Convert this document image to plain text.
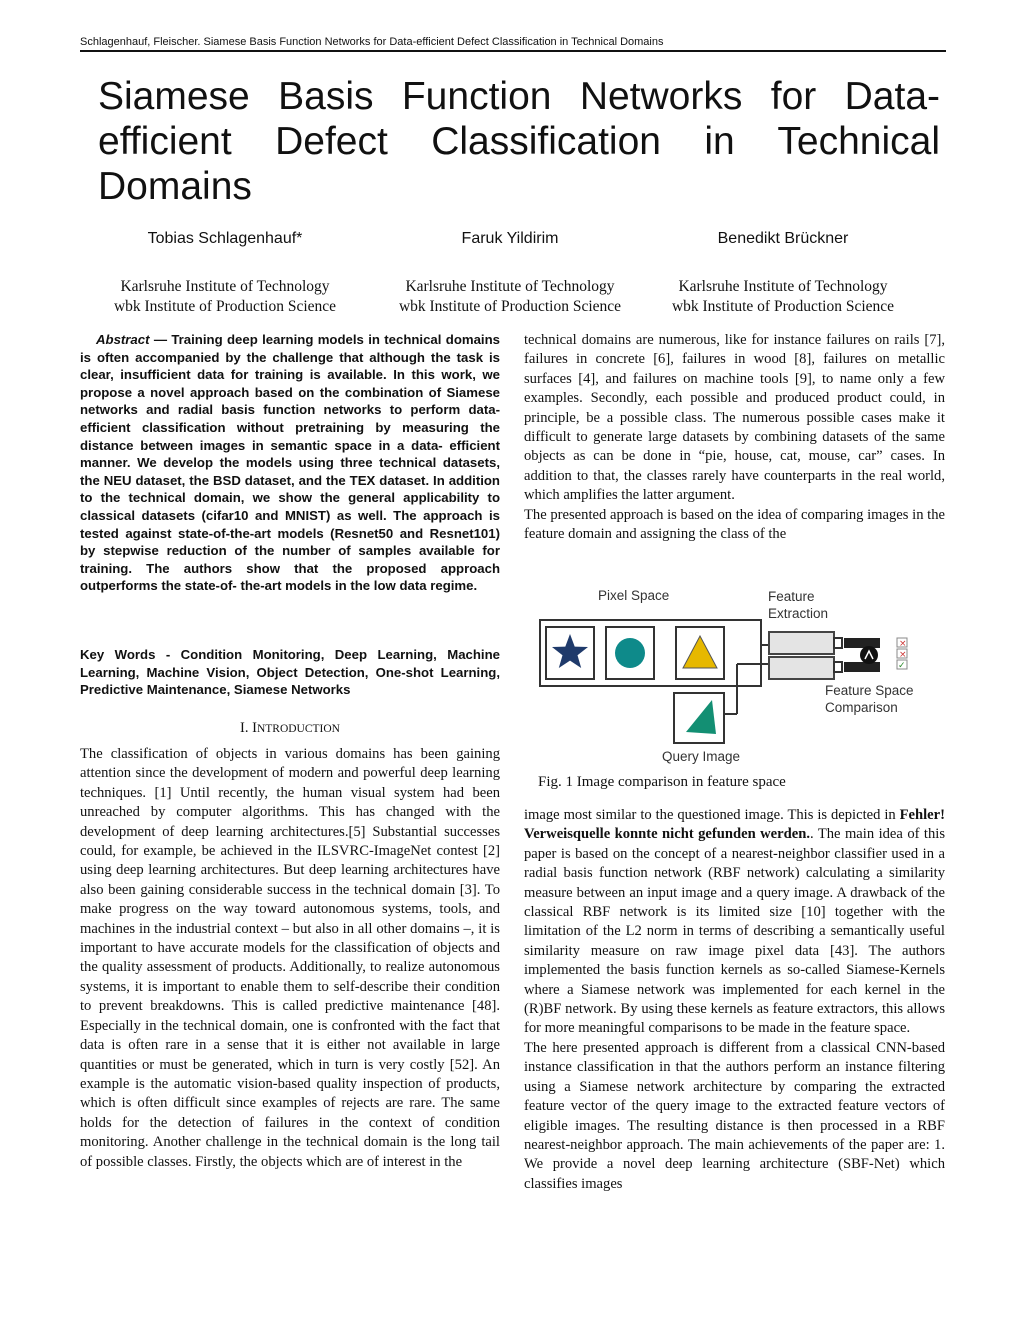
Schlagenhauf, Fleischer. Siamese Basis Function Networks for Data-efficient Defect Classification in Technical Domains
Siamese Basis Function Networks for Data-efficient Defect Classification in Technical Domains
Tobias Schlagenhauf*	Faruk Yildirim	Benedikt Brückner
Karlsruhe Institute of Technology
wbk Institute of Production Science
Karlsruhe Institute of Technology
wbk Institute of Production Science
Karlsruhe Institute of Technology
wbk Institute of Production Science

Abstract — Training deep learning models in technical domains is often accompanied by the challenge that although the task is clear, insufficient data for training is available. In this work, we propose a novel approach based on the combination of Siamese networks and radial basis function networks to perform data-efficient classification without pretraining by measuring the distance between images in semantic space in a data- efficient manner. We develop the models using three technical datasets, the NEU dataset, the BSD dataset, and the TEX dataset. In addition to the technical domain, we show the general applicability to classical datasets (cifar10 and MNIST) as well. The approach is tested against state-of-the-art models (Resnet50 and Resnet101) by stepwise reduction of the number of samples available for training. The authors show that the proposed approach outperforms the state-of- the-art models in the low data regime.

Key Words - Condition Monitoring, Deep Learning, Machine Learning, Machine Vision, Object Detection, One-shot Learning, Predictive Maintenance, Siamese Networks

I. INTRODUCTION

The classification of objects in various domains has been gaining attention since the development of modern and powerful deep learning techniques. [1] Until recently, the human visual system had been unreached by computer algorithms. This has changed with the development of deep learning architectures.[5] Substantial successes could, for example, be achieved in the ILSVRC-ImageNet contest [2] using deep learning architectures. But deep learning architectures have also been gaining considerable success in the technical domain [3]. To make progress on the way toward autonomous systems, tools, and machines in the industrial context – but also in all other domains –, it is important to have accurate models for the classification of objects and the quality assessment of products. Additionally, to realize autonomous systems, it is important to enable them to self-describe their condition to prevent breakdowns. This is called predictive maintenance [48]. Especially in the technical domain, one is confronted with the fact that data is often rare in a sense that it is either not available in large quantities or must be generated, which in turn is very costly [52]. An example is the automatic vision-based quality inspection of products, which is often difficult since examples of rejects are rare. The same holds for the detection of failures in the context of condition monitoring. Another challenge in the technical domain is the long tail of possible classes. Firstly, the objects which are of interest in the

technical domains are numerous, like for instance failures on rails [7], failures in concrete [6], failures in wood [8], failures on metallic surfaces [4], and failures on machine tools [9], to name only a few examples. Secondly, each possible and produced product could, in principle, be a possible class. The numerous possible cases make it difficult to generate large datasets by combining datasets of the same objects as can be done in “pie, house, cat, mouse, car” cases. In addition to that, the classes rarely have counterparts in the real world, which amplifies the latter argument.

The presented approach is based on the idea of comparing images in the feature domain and assigning the class of the

Pixel Space	Feature Extraction
Feature Space Comparison
Query Image
×
×
✓
Fig. 1 Image comparison in feature space

image most similar to the questioned image. This is depicted in Fehler! Verweisquelle konnte nicht gefunden werden.. The main idea of this paper is based on the concept of a nearest-neighbor classifier used in a radial basis function network (RBF network) calculating a similarity measure between an input image and a query image. A drawback of the classical RBF network is its limited size [10] together with the limitation of the L2 norm in terms of describing a semantically useful similarity measure on raw image pixel data [43]. The authors implemented the basis function kernels as so-called Siamese-Kernels where a Siamese network was implemented for each kernel in the (R)BF network. By using these kernels as feature extractors, this allows for more meaningful comparisons to be made in the feature space.

The here presented approach is different from a classical CNN-based instance classification in that the authors perform an instance filtering using a Siamese network architecture by comparing the extracted feature vector of the query image to the extracted feature vectors of eligible images. The resulting distance is then processed in a RBF nearest-neighbor approach. The main achievements of the paper are: 1. We provide a novel deep learning architecture (SBF-Net) which classifies images
